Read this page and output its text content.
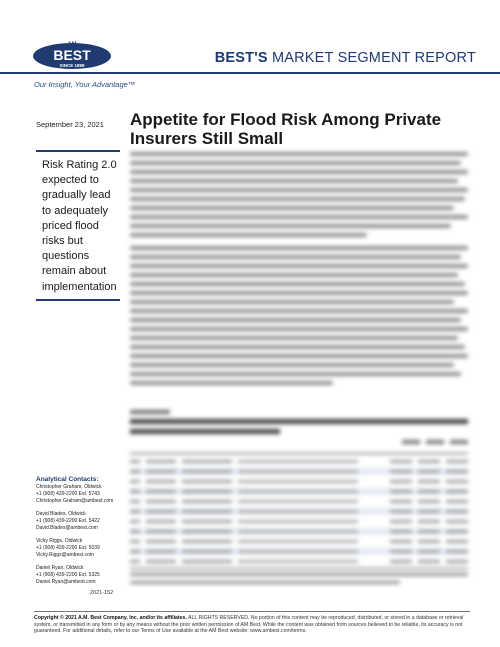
AM
BEST
SINCE 1899	BEST'S MARKET SEGMENT REPORT
Our Insight, Your Advantage™
September 23, 2021 Appetite for Flood Risk Among Private Insurers Still Small
Risk Rating 2.0 expected to gradually lead to adequately priced flood risks but questions remain about implementation
Analytical Contacts:
Christopher Graham, Oldwick
+1 (908) 439-2200 Ext. 5743
Christopher.Graham@ambest.com
David Blades, Oldwick
+1 (908) 439-2200 Ext. 5422
David.Blades@ambest.com
Vicky Riggs, Oldwick
+1 (908) 439-2200 Ext. 5039
Vicky.Riggs@ambest.com
Daniel Ryan, Oldwick
+1 (908) 439-2200 Ext. 5325
Daniel.Ryan@ambest.com
2021-152
Copyright © 2021 A.M. Best Company, Inc. and/or its affiliates. ALL RIGHTS RESERVED. No portion of this content may be reproduced, distributed, or stored in a database or retrieval system, or transmitted in any form or by any means without the prior written permission of AM Best. While the content was obtained from sources believed to be reliable, its accuracy is not guaranteed. For additional details, refer to our Terms of Use available at the AM Best website: www.ambest.com/terms.
